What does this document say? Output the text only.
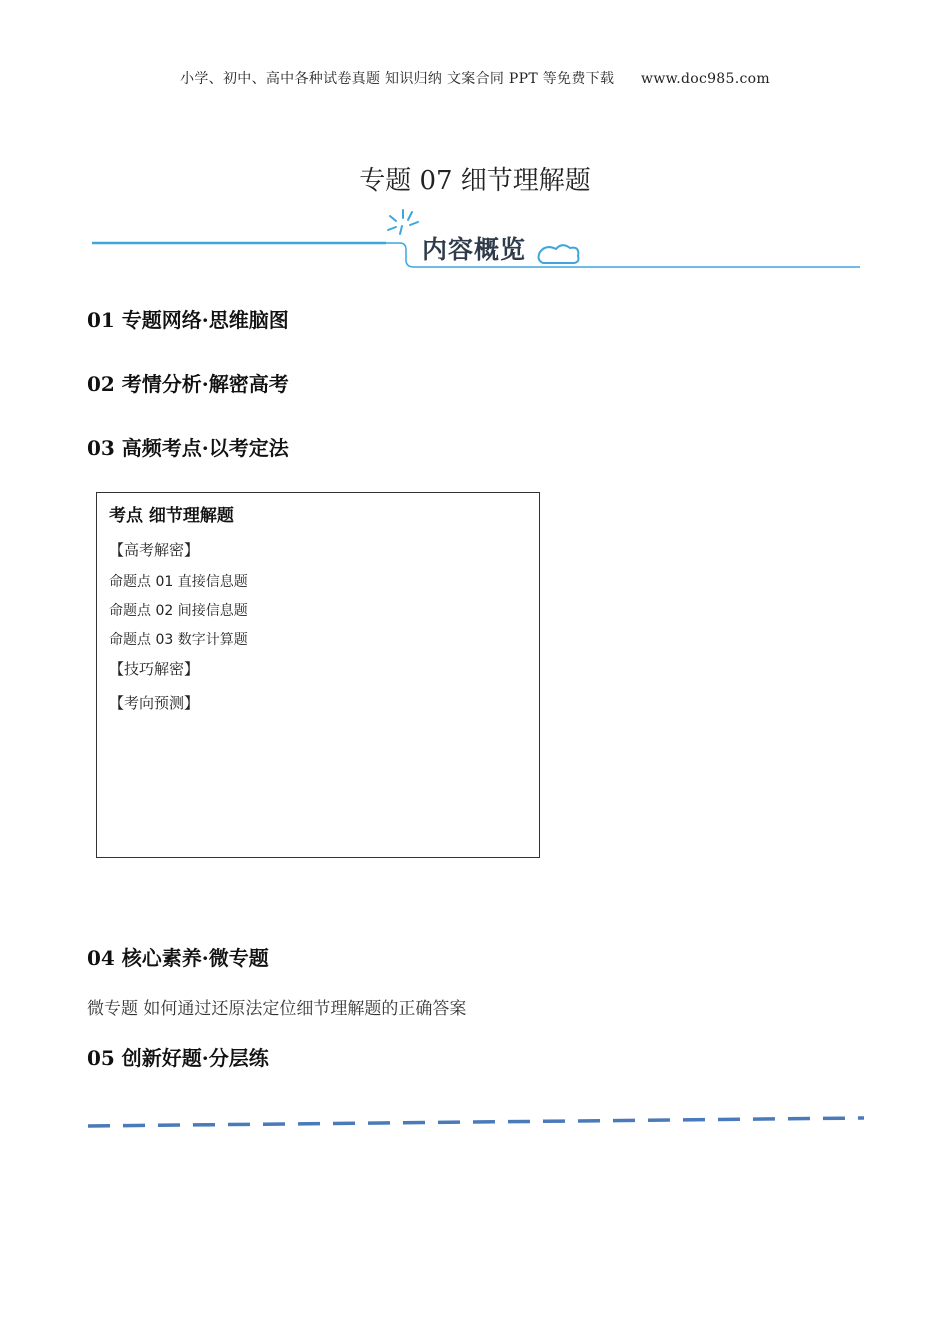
小学、初中、高中各种试卷真题 知识归纳 文案合同 PPT 等免费下载 www.doc985.com
专题 07 细节理解题
内容概览
01 专题网络·思维脑图
02 考情分析·解密高考
03 高频考点·以考定法
考点 细节理解题
【高考解密】
命题点 01 直接信息题
命题点 02 间接信息题
命题点 03 数字计算题
【技巧解密】
【考向预测】
04 核心素养·微专题
微专题 如何通过还原法定位细节理解题的正确答案
05 创新好题·分层练
